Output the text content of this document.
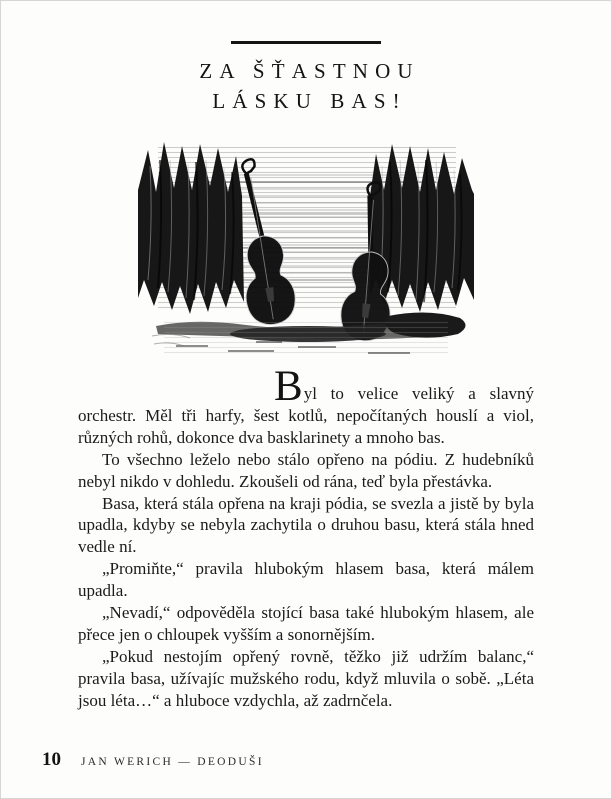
ZA ŠŤASTNOU
LÁSKU BAS!

Byl to velice veliký a slavný orchestr. Měl tři harfy, šest kotlů, nepočítaných houslí a viol, různých rohů, dokonce dva basklarinety a mnoho bas.

To všechno leželo nebo stálo opřeno na pódiu. Z hudebníků nebyl nikdo v dohledu. Zkoušeli od rána, teď byla přestávka.

Basa, která stála opřena na kraji pódia, se svezla a jistě by byla upadla, kdyby se nebyla zachytila o druhou basu, která stála hned vedle ní.

„Promiňte,“ pravila hlubokým hlasem basa, která málem upadla.

„Nevadí,“ odpověděla stojící basa také hlubokým hlasem, ale přece jen o chloupek vyšším a sonornějším.

„Pokud nestojím opřený rovně, těžko již udržím balanc,“ pravila basa, užívajíc mužského rodu, když mluvila o sobě. „Léta jsou léta…“ a hluboce vzdychla, až zadrnčela.

10 JAN WERICH — DEODUŠI
